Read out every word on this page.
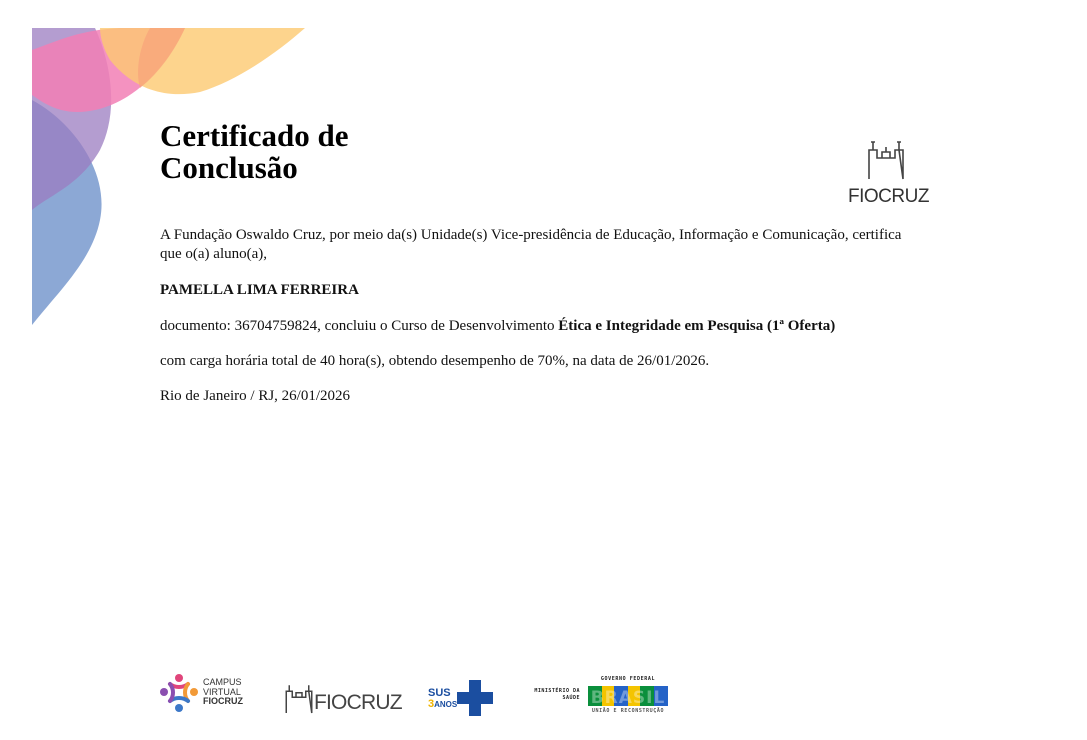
Certificado de
Conclusão
FIOCRUZ

A Fundação Oswaldo Cruz, por meio da(s) Unidade(s) Vice-presidência de Educação, Informação e Comunicação, certifica que o(a) aluno(a),

PAMELLA LIMA FERREIRA

documento: 36704759824, concluiu o Curso de Desenvolvimento Ética e Integridade em Pesquisa (1ª Oferta)

com carga horária total de 40 hora(s), obtendo desempenho de 70%, na data de 26/01/2026.

Rio de Janeiro / RJ, 26/01/2026

CAMPUS
VIRTUAL
FIOCRUZ	FIOCRUZ SUS
3ANOS
MINISTÉRIO DA
SAÚDE
GOVERNO FEDERAL
BRASIL
UNIÃO E RECONSTRUÇÃO
